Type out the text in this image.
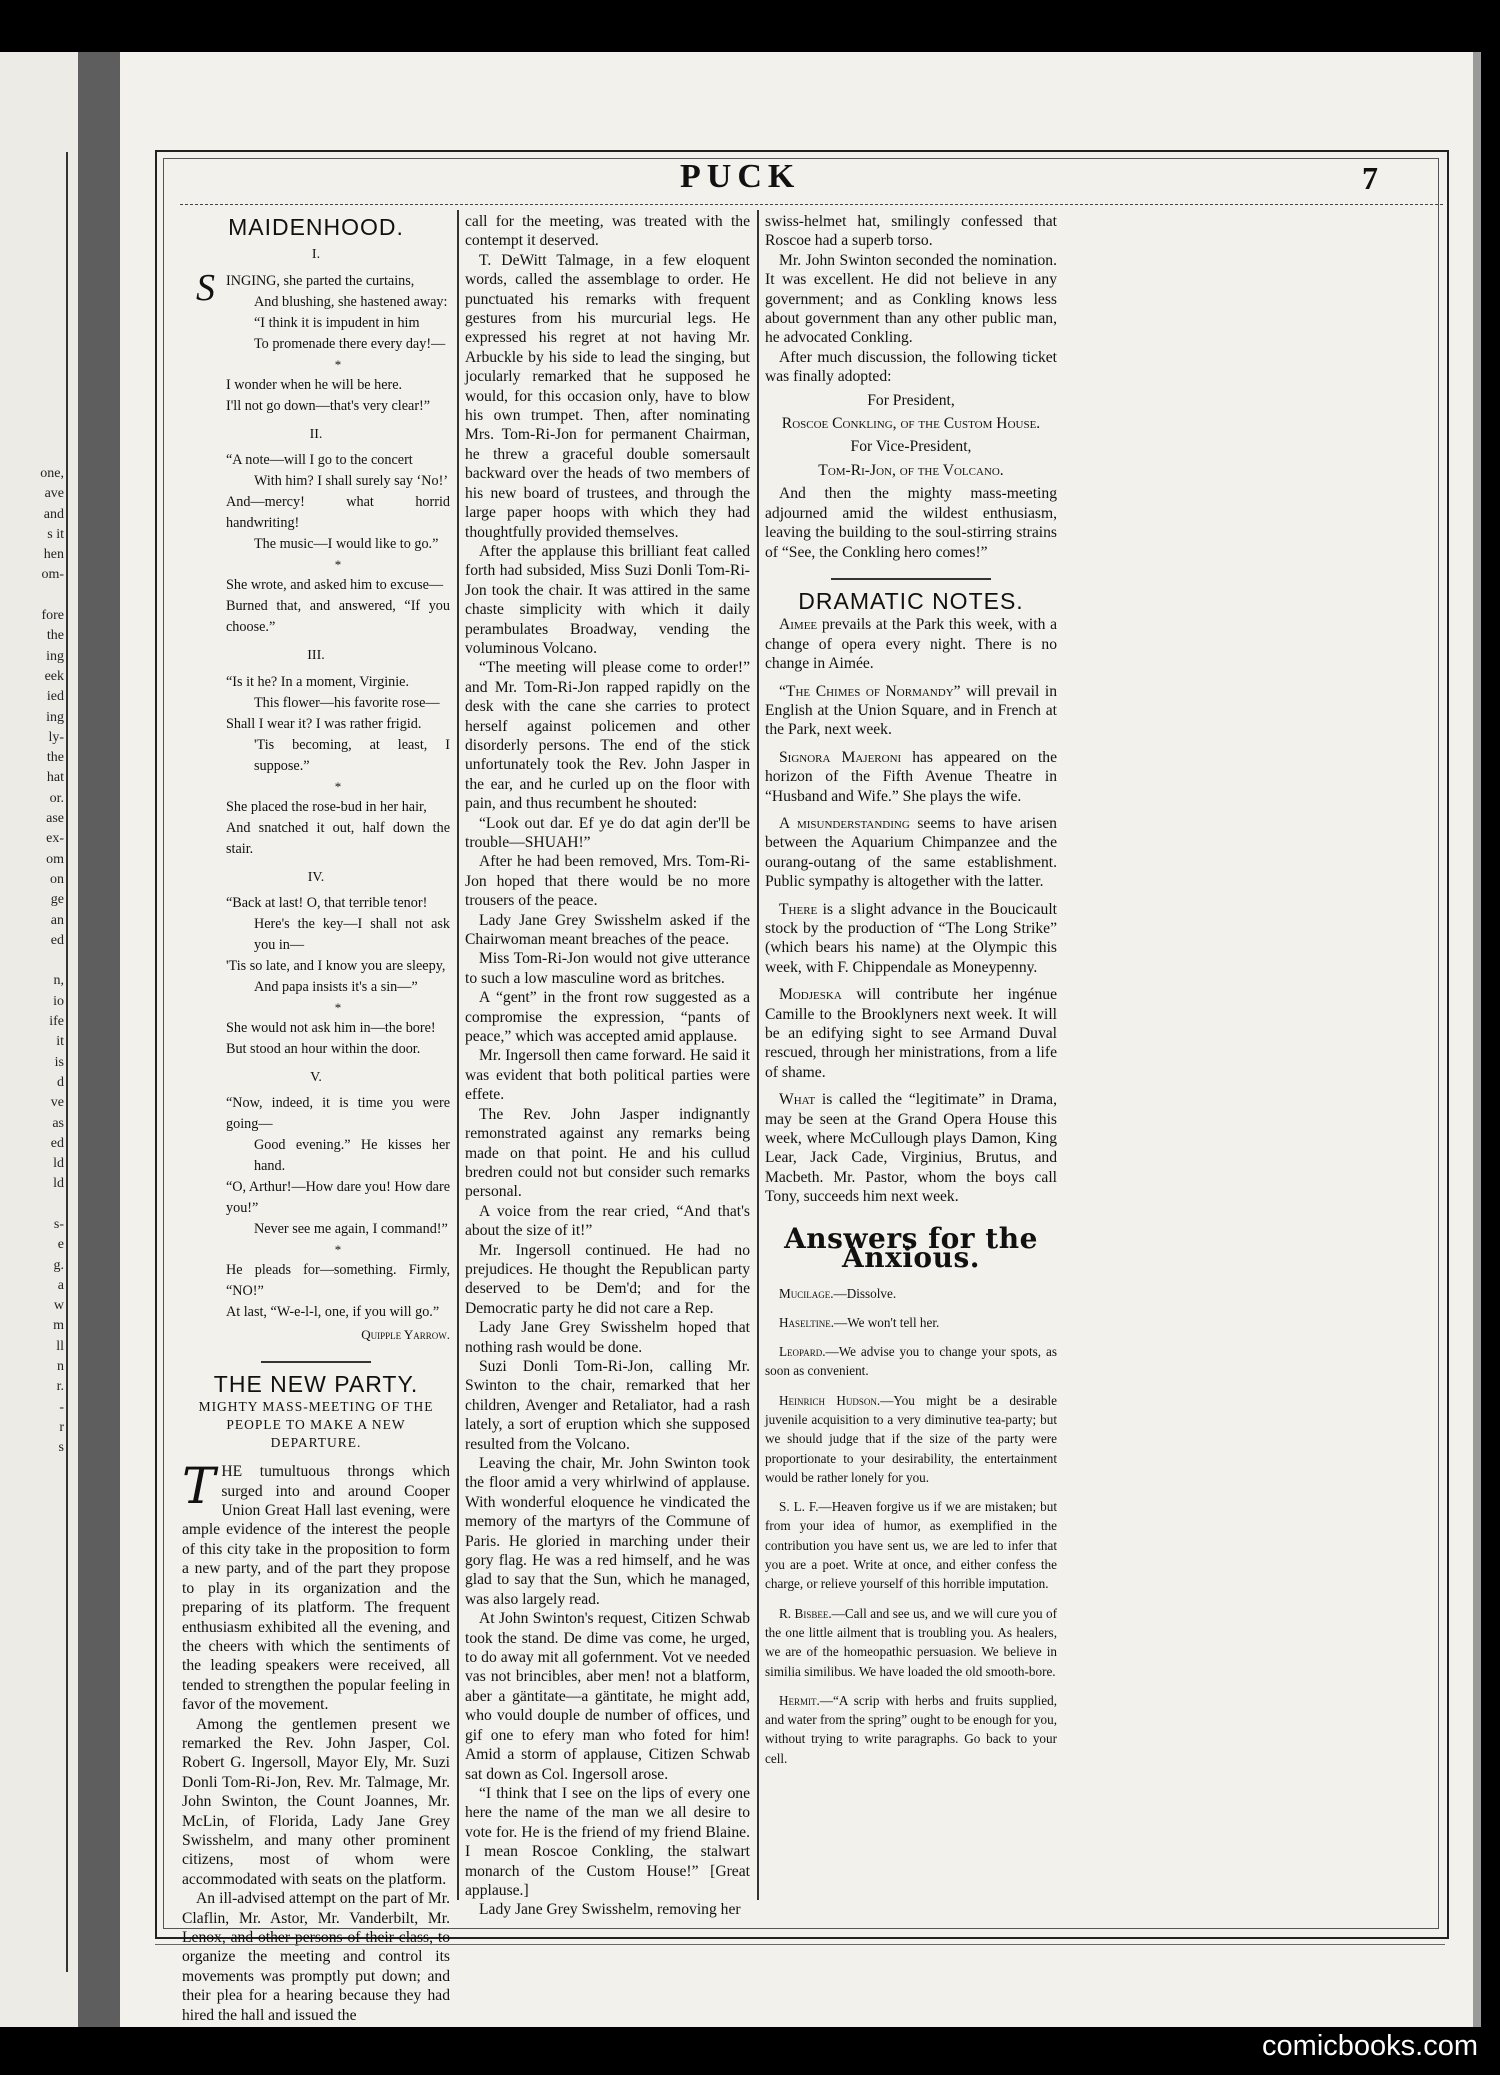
one,
ave
and
s it
hen
om-

fore
the
ing
eek
ied
ing
ly-
the
hat
or.
ase
ex-
om
on
ge
an
ed

n,
io
ife
it
is
d
ve
as
ed
ld
ld

s-
e
g.
a
w
m
ll
n
r.
-
r
s
PUCK	7
MAIDENHOOD.
I.
SINGING, she parted the curtains,
And blushing, she hastened away:
“I think it is impudent in him
To promenade there every day!—
*
I wonder when he will be here.
I'll not go down—that's very clear!”
II.
“A note—will I go to the concert
With him? I shall surely say ‘No!’
And—mercy! what horrid handwriting!
The music—I would like to go.”
*
She wrote, and asked him to excuse—
Burned that, and answered, “If you choose.”
III.
“Is it he? In a moment, Virginie.
This flower—his favorite rose—
Shall I wear it? I was rather frigid.
'Tis becoming, at least, I suppose.”
*
She placed the rose-bud in her hair,
And snatched it out, half down the stair.
IV.
“Back at last! O, that terrible tenor!
Here's the key—I shall not ask you in—
'Tis so late, and I know you are sleepy,
And papa insists it's a sin—”
*
She would not ask him in—the bore!
But stood an hour within the door.
V.
“Now, indeed, it is time you were going—
Good evening.” He kisses her hand.
“O, Arthur!—How dare you! How dare you!”
Never see me again, I command!”
*
He pleads for—something. Firmly, “NO!”
At last, “W-e-l-l, one, if you will go.”
Quipple Yarrow.
THE NEW PARTY.
MIGHTY MASS-MEETING OF THE PEOPLE TO MAKE A NEW DEPARTURE.

THE tumultuous throngs which surged into and around Cooper Union Great Hall last evening, were ample evidence of the interest the people of this city take in the proposition to form a new party, and of the part they propose to play in its organization and the preparing of its platform. The frequent enthusiasm exhibited all the evening, and the cheers with which the sentiments of the leading speakers were received, all tended to strengthen the popular feeling in favor of the movement.

Among the gentlemen present we remarked the Rev. John Jasper, Col. Robert G. Ingersoll, Mayor Ely, Mr. Suzi Donli Tom-Ri-Jon, Rev. Mr. Talmage, Mr. John Swinton, the Count Joannes, Mr. McLin, of Florida, Lady Jane Grey Swisshelm, and many other prominent citizens, most of whom were accommodated with seats on the platform.

An ill-advised attempt on the part of Mr. Claflin, Mr. Astor, Mr. Vanderbilt, Mr. Lenox, and other persons of their class, to organize the meeting and control its movements was promptly put down; and their plea for a hearing because they had hired the hall and issued the

call for the meeting, was treated with the contempt it deserved.

T. DeWitt Talmage, in a few eloquent words, called the assemblage to order. He punctuated his remarks with frequent gestures from his murcurial legs. He expressed his regret at not having Mr. Arbuckle by his side to lead the singing, but jocularly remarked that he supposed he would, for this occasion only, have to blow his own trumpet. Then, after nominating Mrs. Tom-Ri-Jon for permanent Chairman, he threw a graceful double somersault backward over the heads of two members of his new board of trustees, and through the large paper hoops with which they had thoughtfully provided themselves.

After the applause this brilliant feat called forth had subsided, Miss Suzi Donli Tom-Ri-Jon took the chair. It was attired in the same chaste simplicity with which it daily perambulates Broadway, vending the voluminous Volcano.

“The meeting will please come to order!” and Mr. Tom-Ri-Jon rapped rapidly on the desk with the cane she carries to protect herself against policemen and other disorderly persons. The end of the stick unfortunately took the Rev. John Jasper in the ear, and he curled up on the floor with pain, and thus recumbent he shouted:

“Look out dar. Ef ye do dat agin der'll be trouble—SHUAH!”

After he had been removed, Mrs. Tom-Ri-Jon hoped that there would be no more trousers of the peace.

Lady Jane Grey Swisshelm asked if the Chairwoman meant breaches of the peace.

Miss Tom-Ri-Jon would not give utterance to such a low masculine word as britches.

A “gent” in the front row suggested as a compromise the expression, “pants of peace,” which was accepted amid applause.

Mr. Ingersoll then came forward. He said it was evident that both political parties were effete.

The Rev. John Jasper indignantly remonstrated against any remarks being made on that point. He and his cullud bredren could not but consider such remarks personal.

A voice from the rear cried, “And that's about the size of it!”

Mr. Ingersoll continued. He had no prejudices. He thought the Republican party deserved to be Dem'd; and for the Democratic party he did not care a Rep.

Lady Jane Grey Swisshelm hoped that nothing rash would be done.

Suzi Donli Tom-Ri-Jon, calling Mr. Swinton to the chair, remarked that her children, Avenger and Retaliator, had a rash lately, a sort of eruption which she supposed resulted from the Volcano.

Leaving the chair, Mr. John Swinton took the floor amid a very whirlwind of applause. With wonderful eloquence he vindicated the memory of the martyrs of the Commune of Paris. He gloried in marching under their gory flag. He was a red himself, and he was glad to say that the Sun, which he managed, was also largely read.

At John Swinton's request, Citizen Schwab took the stand. De dime vas come, he urged, to do away mit all gofernment. Vot ve needed vas not brincibles, aber men! not a blatform, aber a gäntitate—a gäntitate, he might add, who vould douple de number of offices, und gif one to efery man who foted for him! Amid a storm of applause, Citizen Schwab sat down as Col. Ingersoll arose.

“I think that I see on the lips of every one here the name of the man we all desire to vote for. He is the friend of my friend Blaine. I mean Roscoe Conkling, the stalwart monarch of the Custom House!” [Great applause.]

Lady Jane Grey Swisshelm, removing her

swiss-helmet hat, smilingly confessed that Roscoe had a superb torso.

Mr. John Swinton seconded the nomination. It was excellent. He did not believe in any government; and as Conkling knows less about government than any other public man, he advocated Conkling.

After much discussion, the following ticket was finally adopted:

For President,

Roscoe Conkling, of the Custom House.

For Vice-President,

Tom-Ri-Jon, of the Volcano.

And then the mighty mass-meeting adjourned amid the wildest enthusiasm, leaving the building to the soul-stirring strains of “See, the Conkling hero comes!”

DRAMATIC NOTES.

Aimee prevails at the Park this week, with a change of opera every night. There is no change in Aimée.

“The Chimes of Normandy” will prevail in English at the Union Square, and in French at the Park, next week.

Signora Majeroni has appeared on the horizon of the Fifth Avenue Theatre in “Husband and Wife.” She plays the wife.

A misunderstanding seems to have arisen between the Aquarium Chimpanzee and the ourang-outang of the same establishment. Public sympathy is altogether with the latter.

There is a slight advance in the Boucicault stock by the production of “The Long Strike” (which bears his name) at the Olympic this week, with F. Chippendale as Moneypenny.

Modjeska will contribute her ingénue Camille to the Brooklyners next week. It will be an edifying sight to see Armand Duval rescued, through her ministrations, from a life of shame.

What is called the “legitimate” in Drama, may be seen at the Grand Opera House this week, where McCullough plays Damon, King Lear, Jack Cade, Virginius, Brutus, and Macbeth. Mr. Pastor, whom the boys call Tony, succeeds him next week.

Answers for the Anxious.

Mucilage.—Dissolve.

Haseltine.—We won't tell her.

Leopard.—We advise you to change your spots, as soon as convenient.

Heinrich Hudson.—You might be a desirable juvenile acquisition to a very diminutive tea-party; but we should judge that if the size of the party were proportionate to your desirability, the entertainment would be rather lonely for you.

S. L. F.—Heaven forgive us if we are mistaken; but from your idea of humor, as exemplified in the contribution you have sent us, we are led to infer that you are a poet. Write at once, and either confess the charge, or relieve yourself of this horrible imputation.

R. Bisbee.—Call and see us, and we will cure you of the one little ailment that is troubling you. As healers, we are of the homeopathic persuasion. We believe in similia similibus. We have loaded the old smooth-bore.

Hermit.—“A scrip with herbs and fruits supplied, and water from the spring” ought to be enough for you, without trying to write paragraphs. Go back to your cell.

comicbooks.com
